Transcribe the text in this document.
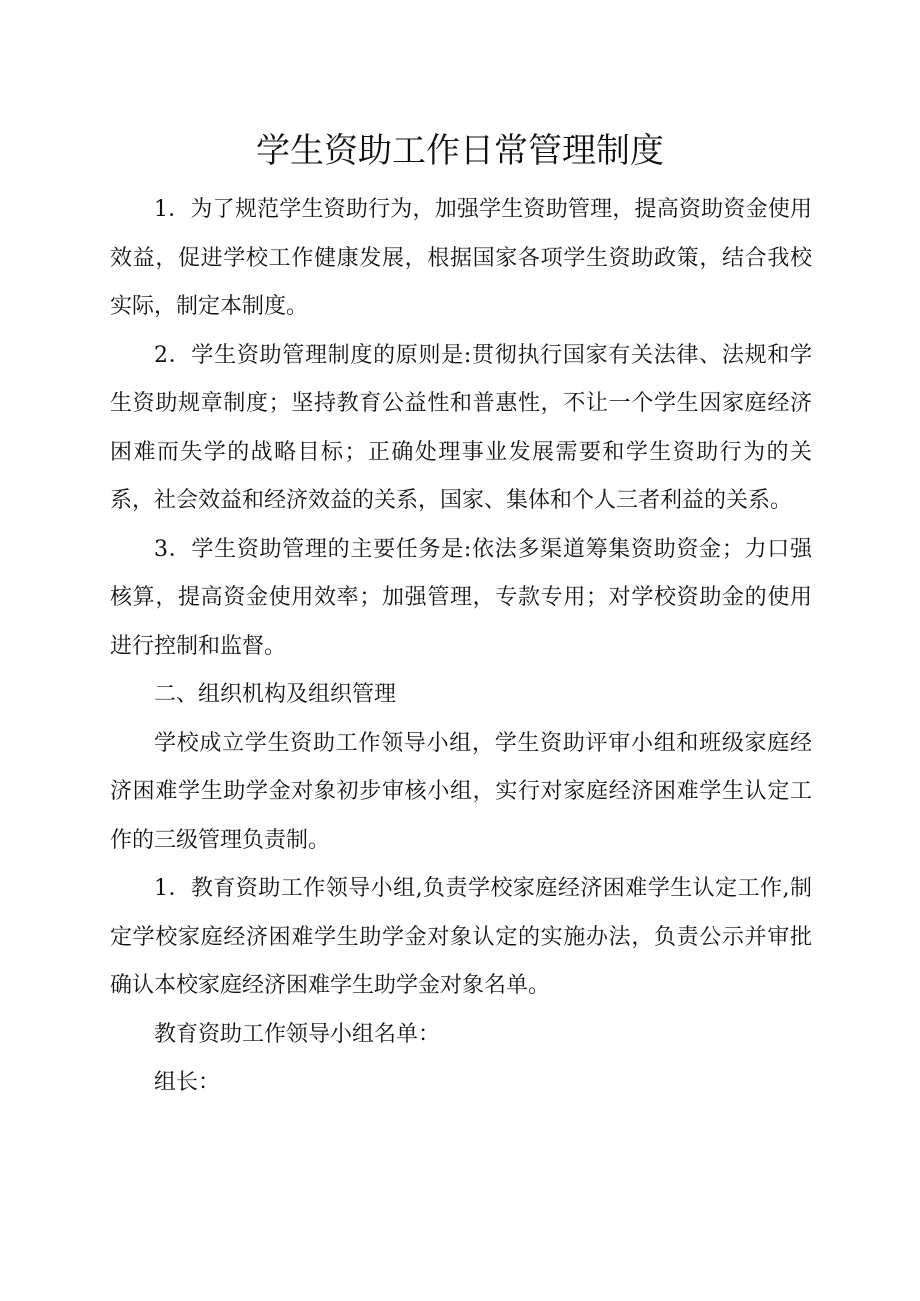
学生资助工作日常管理制度

1．为了规范学生资助行为，加强学生资助管理，提高资助资金使用效益，促进学校工作健康发展，根据国家各项学生资助政策，结合我校实际，制定本制度。

2．学生资助管理制度的原则是:贯彻执行国家有关法律、法规和学生资助规章制度；坚持教育公益性和普惠性，不让一个学生因家庭经济困难而失学的战略目标；正确处理事业发展需要和学生资助行为的关系，社会效益和经济效益的关系，国家、集体和个人三者利益的关系。

3．学生资助管理的主要任务是:依法多渠道筹集资助资金；力口强核算，提高资金使用效率；加强管理，专款专用；对学校资助金的使用进行控制和监督。

二、组织机构及组织管理

学校成立学生资助工作领导小组，学生资助评审小组和班级家庭经济困难学生助学金对象初步审核小组，实行对家庭经济困难学生认定工作的三级管理负责制。

1．教育资助工作领导小组,负责学校家庭经济困难学生认定工作,制定学校家庭经济困难学生助学金对象认定的实施办法，负责公示并审批确认本校家庭经济困难学生助学金对象名单。

教育资助工作领导小组名单：

组长：
